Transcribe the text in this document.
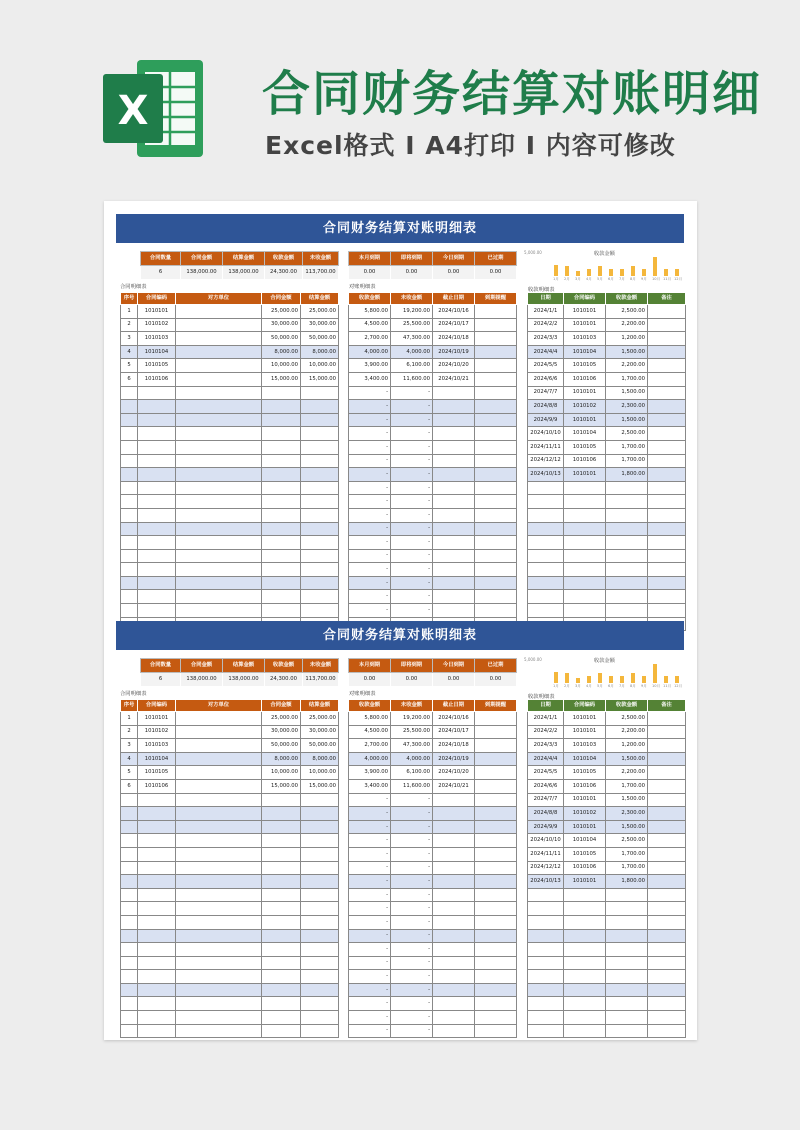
X 合同财务结算对账明细
Excel格式 I A4打印 I 内容可修改
合同财务结算对账明细表
合同数量	合同金额	结算金额	收款金额	未收金额
6	138,000.00	138,000.00	24,300.00	113,700.00
本月到期	即将到期	今日到期	已过期
0.00	0.00	0.00	0.00
5,000.00	收款金额
1月 2月 3月 4月 5月 6月 7月 8月 9月 10月 11月 12月
合同明细表	对账明细表	收款明细表
序号	合同编码	对方单位	合同金额	结算金额
1	1010101		25,000.00	25,000.00
2	1010102		30,000.00	30,000.00
3	1010103		50,000.00	50,000.00
4	1010104		8,000.00	8,000.00
5	1010105		10,000.00	10,000.00
6	1010106		15,000.00	15,000.00

收款金额	未收金额	截止日期	到期提醒
5,800.00	19,200.00	2024/10/16	
4,500.00	25,500.00	2024/10/17	
2,700.00	47,300.00	2024/10/18	
4,000.00	4,000.00	2024/10/19	
3,900.00	6,100.00	2024/10/20	
3,400.00	11,600.00	2024/10/21	
-	-		
-	-		
-	-		
-	-		
-	-		
-	-		
-	-		
-	-		
-	-		
-	-		
-	-		
-	-		
-	-		
-	-		
-	-		
-	-		
-	-		

日期	合同编码	收款金额	备注
2024/1/1	1010101	2,500.00	
2024/2/2	1010101	2,200.00	
2024/3/3	1010103	1,200.00	
2024/4/4	1010104	1,500.00	
2024/5/5	1010105	2,200.00	
2024/6/6	1010106	1,700.00	
2024/7/7	1010101	1,500.00	
2024/8/8	1010102	2,300.00	
2024/9/9	1010101	1,500.00	
2024/10/10	1010104	2,500.00	
2024/11/11	1010105	1,700.00	
2024/12/12	1010106	1,700.00	
2024/10/13	1010101	1,800.00	

合同财务结算对账明细表
合同数量	合同金额	结算金额	收款金额	未收金额
6	138,000.00	138,000.00	24,300.00	113,700.00
本月到期	即将到期	今日到期	已过期
0.00	0.00	0.00	0.00
5,000.00	收款金额
1月 2月 3月 4月 5月 6月 7月 8月 9月 10月 11月 12月
合同明细表	对账明细表	收款明细表
序号	合同编码	对方单位	合同金额	结算金额
1	1010101		25,000.00	25,000.00
2	1010102		30,000.00	30,000.00
3	1010103		50,000.00	50,000.00
4	1010104		8,000.00	8,000.00
5	1010105		10,000.00	10,000.00
6	1010106		15,000.00	15,000.00

收款金额	未收金额	截止日期	到期提醒
5,800.00	19,200.00	2024/10/16	
4,500.00	25,500.00	2024/10/17	
2,700.00	47,300.00	2024/10/18	
4,000.00	4,000.00	2024/10/19	
3,900.00	6,100.00	2024/10/20	
3,400.00	11,600.00	2024/10/21	
-	-		
-	-		
-	-		
-	-		
-	-		
-	-		
-	-		
-	-		
-	-		
-	-		
-	-		
-	-		
-	-		
-	-		
-	-		
-	-		
-	-		
-	-		
日期	合同编码	收款金额	备注
2024/1/1	1010101	2,500.00	
2024/2/2	1010101	2,200.00	
2024/3/3	1010103	1,200.00	
2024/4/4	1010104	1,500.00	
2024/5/5	1010105	2,200.00	
2024/6/6	1010106	1,700.00	
2024/7/7	1010101	1,500.00	
2024/8/8	1010102	2,300.00	
2024/9/9	1010101	1,500.00	
2024/10/10	1010104	2,500.00	
2024/11/11	1010105	1,700.00	
2024/12/12	1010106	1,700.00	
2024/10/13	1010101	1,800.00	
